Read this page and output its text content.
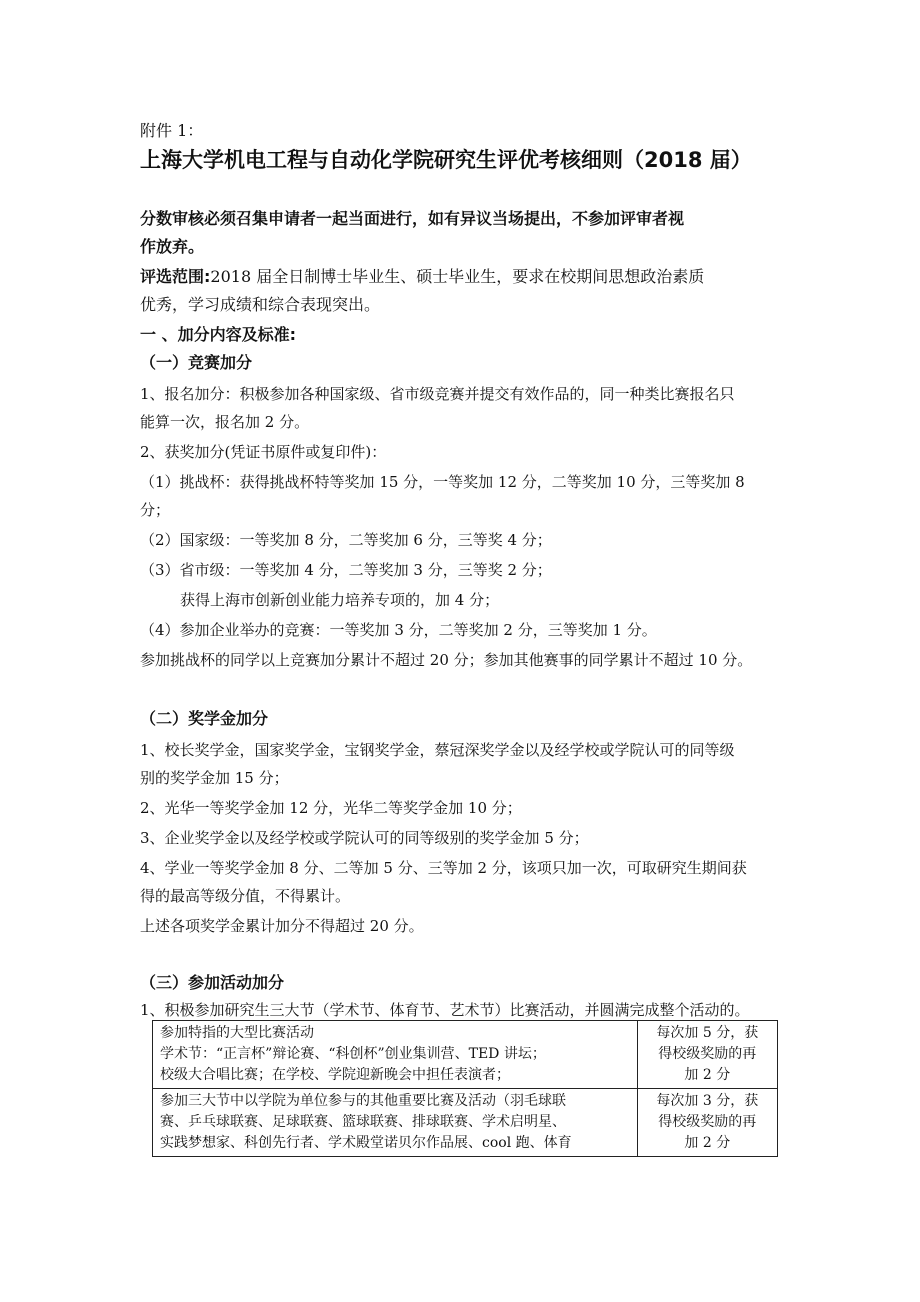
附件 1：
上海大学机电工程与自动化学院研究生评优考核细则（2018 届）
分数审核必须召集申请者一起当面进行，如有异议当场提出，不参加评审者视
作放弃。
评选范围:2018 届全日制博士毕业生、硕士毕业生，要求在校期间思想政治素质
优秀，学习成绩和综合表现突出。
一 、加分内容及标准:
（一）竞赛加分
1、报名加分：积极参加各种国家级、省市级竞赛并提交有效作品的，同一种类比赛报名只
能算一次，报名加 2 分。
2、获奖加分(凭证书原件或复印件)：
（1）挑战杯：获得挑战杯特等奖加 15 分，一等奖加 12 分，二等奖加 10 分，三等奖加 8
分；
（2）国家级：一等奖加 8 分，二等奖加 6 分，三等奖 4 分；
（3）省市级：一等奖加 4 分，二等奖加 3 分，三等奖 2 分；
获得上海市创新创业能力培养专项的，加 4 分；
（4）参加企业举办的竞赛：一等奖加 3 分，二等奖加 2 分，三等奖加 1 分。
参加挑战杯的同学以上竞赛加分累计不超过 20 分；参加其他赛事的同学累计不超过 10 分。
（二）奖学金加分
1、校长奖学金，国家奖学金，宝钢奖学金，蔡冠深奖学金以及经学校或学院认可的同等级
别的奖学金加 15 分；
2、光华一等奖学金加 12 分，光华二等奖学金加 10 分；
3、企业奖学金以及经学校或学院认可的同等级别的奖学金加 5 分；
4、学业一等奖学金加 8 分、二等加 5 分、三等加 2 分，该项只加一次，可取研究生期间获
得的最高等级分值，不得累计。
上述各项奖学金累计加分不得超过 20 分。
（三）参加活动加分
1、积极参加研究生三大节（学术节、体育节、艺术节）比赛活动，并圆满完成整个活动的。
参加特指的大型比赛活动
学术节：“正言杯”辩论赛、“科创杯”创业集训营、TED 讲坛；
校级大合唱比赛；在学校、学院迎新晚会中担任表演者；	每次加 5 分，获
得校级奖励的再
加 2 分

参加三大节中以学院为单位参与的其他重要比赛及活动（羽毛球联
赛、乒乓球联赛、足球联赛、篮球联赛、排球联赛、学术启明星、
实践梦想家、科创先行者、学术殿堂诺贝尔作品展、cool 跑、体育	每次加 3 分，获
得校级奖励的再
加 2 分
